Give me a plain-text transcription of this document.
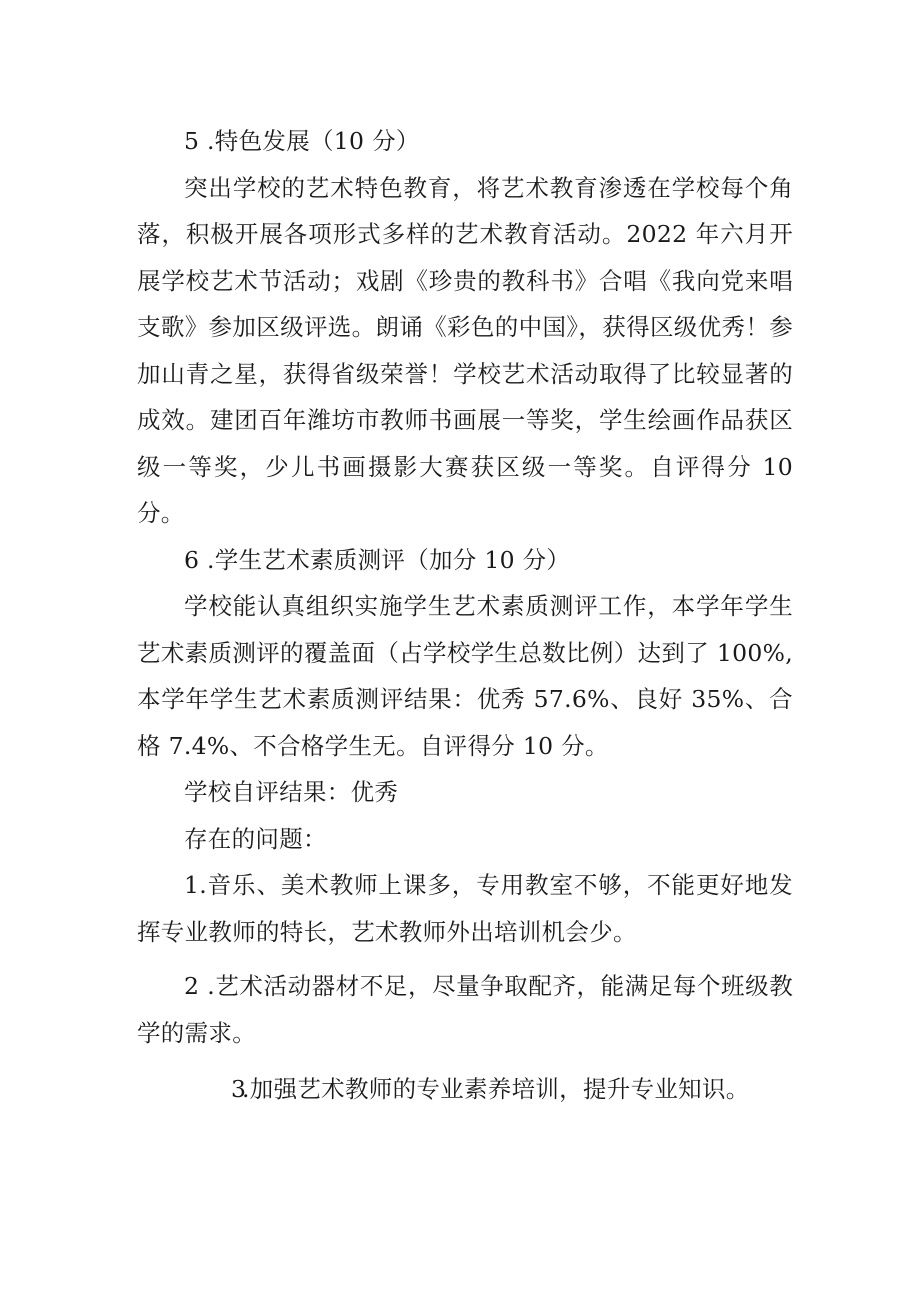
5 .特色发展（10 分）

突出学校的艺术特色教育，将艺术教育渗透在学校每个角落，积极开展各项形式多样的艺术教育活动。2022 年六月开展学校艺术节活动；戏剧《珍贵的教科书》合唱《我向党来唱支歌》参加区级评选。朗诵《彩色的中国》，获得区级优秀！参加山青之星，获得省级荣誉！学校艺术活动取得了比较显著的成效。建团百年潍坊市教师书画展一等奖，学生绘画作品获区级一等奖，少儿书画摄影大赛获区级一等奖。自评得分 10 分。

6 .学生艺术素质测评（加分 10 分）

学校能认真组织实施学生艺术素质测评工作，本学年学生艺术素质测评的覆盖面（占学校学生总数比例）达到了 100%,本学年学生艺术素质测评结果：优秀 57.6%、良好 35%、合格 7.4%、不合格学生无。自评得分 10 分。

学校自评结果：优秀

存在的问题：

1.音乐、美术教师上课多，专用教室不够，不能更好地发挥专业教师的特长，艺术教师外出培训机会少。

2 .艺术活动器材不足，尽量争取配齐，能满足每个班级教学的需求。

3.加强艺术教师的专业素养培训，提升专业知识。
